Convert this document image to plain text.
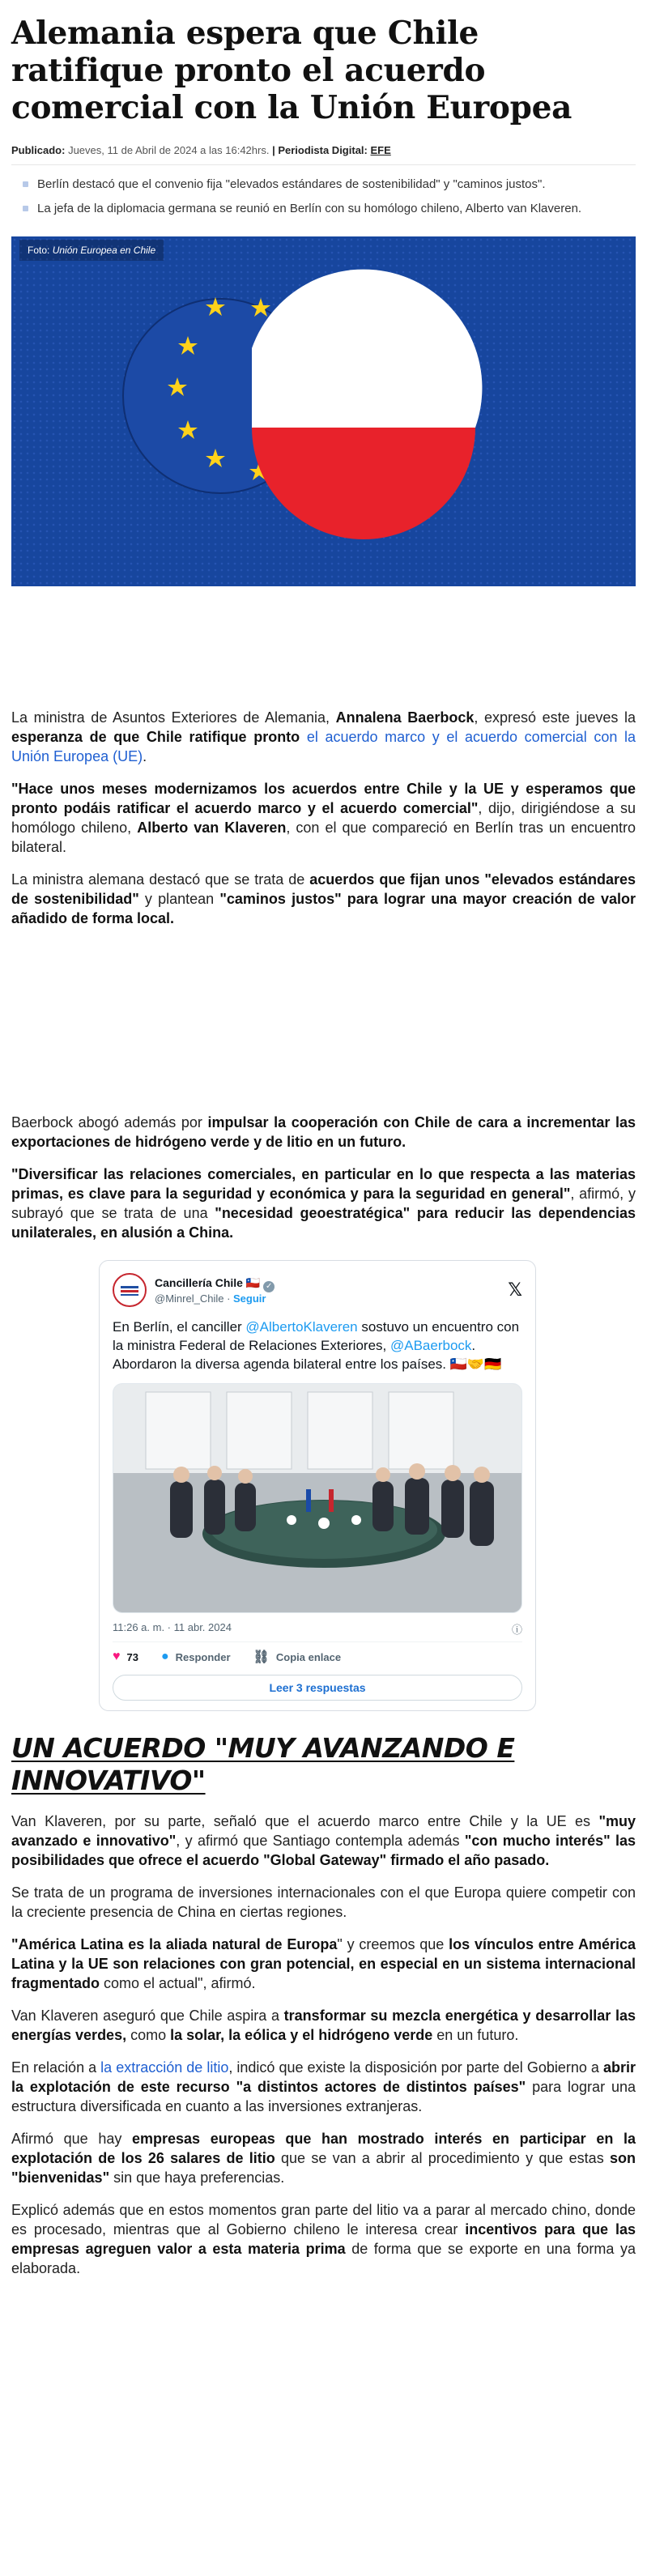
Alemania espera que Chile ratifique pronto el acuerdo comercial con la Unión Europea
Publicado: Jueves, 11 de Abril de 2024 a las 16:42hrs. | Periodista Digital: EFE
Berlín destacó que el convenio fija "elevados estándares de sostenibilidad" y "caminos justos".
La jefa de la diplomacia germana se reunió en Berlín con su homólogo chileno, Alberto van Klaveren.
Foto: Unión Europea en Chile

La ministra de Asuntos Exteriores de Alemania, Annalena Baerbock, expresó este jueves la esperanza de que Chile ratifique pronto el acuerdo marco y el acuerdo comercial con la Unión Europea (UE).

"Hace unos meses modernizamos los acuerdos entre Chile y la UE y esperamos que pronto podáis ratificar el acuerdo marco y el acuerdo comercial", dijo, dirigiéndose a su homólogo chileno, Alberto van Klaveren, con el que compareció en Berlín tras un encuentro bilateral.

La ministra alemana destacó que se trata de acuerdos que fijan unos "elevados estándares de sostenibilidad" y plantean "caminos justos" para lograr una mayor creación de valor añadido de forma local.

Baerbock abogó además por impulsar la cooperación con Chile de cara a incrementar las exportaciones de hidrógeno verde y de litio en un futuro.

"Diversificar las relaciones comerciales, en particular en lo que respecta a las materias primas, es clave para la seguridad y económica y para la seguridad en general", afirmó, y subrayó que se trata de una "necesidad geoestratégica" para reducir las dependencias unilaterales, en alusión a China.

Cancillería Chile 🇨🇱 ✓
@Minrel_Chile · Seguir	𝕏
En Berlín, el canciller @AlbertoKlaveren sostuvo un encuentro con la ministra Federal de Relaciones Exteriores, @ABaerbock. Abordaron la diversa agenda bilateral entre los países. 🇨🇱🤝🇩🇪
11:26 a. m. · 11 abr. 2024	ⓘ
♥ 73 ● Responder ⛓ Copia enlace
Leer 3 respuestas
UN ACUERDO "MUY AVANZANDO E INNOVATIVO"

Van Klaveren, por su parte, señaló que el acuerdo marco entre Chile y la UE es "muy avanzado e innovativo", y afirmó que Santiago contempla además "con mucho interés" las posibilidades que ofrece el acuerdo "Global Gateway" firmado el año pasado.

Se trata de un programa de inversiones internacionales con el que Europa quiere competir con la creciente presencia de China en ciertas regiones.

"América Latina es la aliada natural de Europa" y creemos que los vínculos entre América Latina y la UE son relaciones con gran potencial, en especial en un sistema internacional fragmentado como el actual", afirmó.

Van Klaveren aseguró que Chile aspira a transformar su mezcla energética y desarrollar las energías verdes, como la solar, la eólica y el hidrógeno verde en un futuro.

En relación a la extracción de litio, indicó que existe la disposición por parte del Gobierno a abrir la explotación de este recurso "a distintos actores de distintos países" para lograr una estructura diversificada en cuanto a las inversiones extranjeras.

Afirmó que hay empresas europeas que han mostrado interés en participar en la explotación de los 26 salares de litio que se van a abrir al procedimiento y que estas son "bienvenidas" sin que haya preferencias.

Explicó además que en estos momentos gran parte del litio va a parar al mercado chino, donde es procesado, mientras que al Gobierno chileno le interesa crear incentivos para que las empresas agreguen valor a esta materia prima de forma que se exporte en una forma ya elaborada.
